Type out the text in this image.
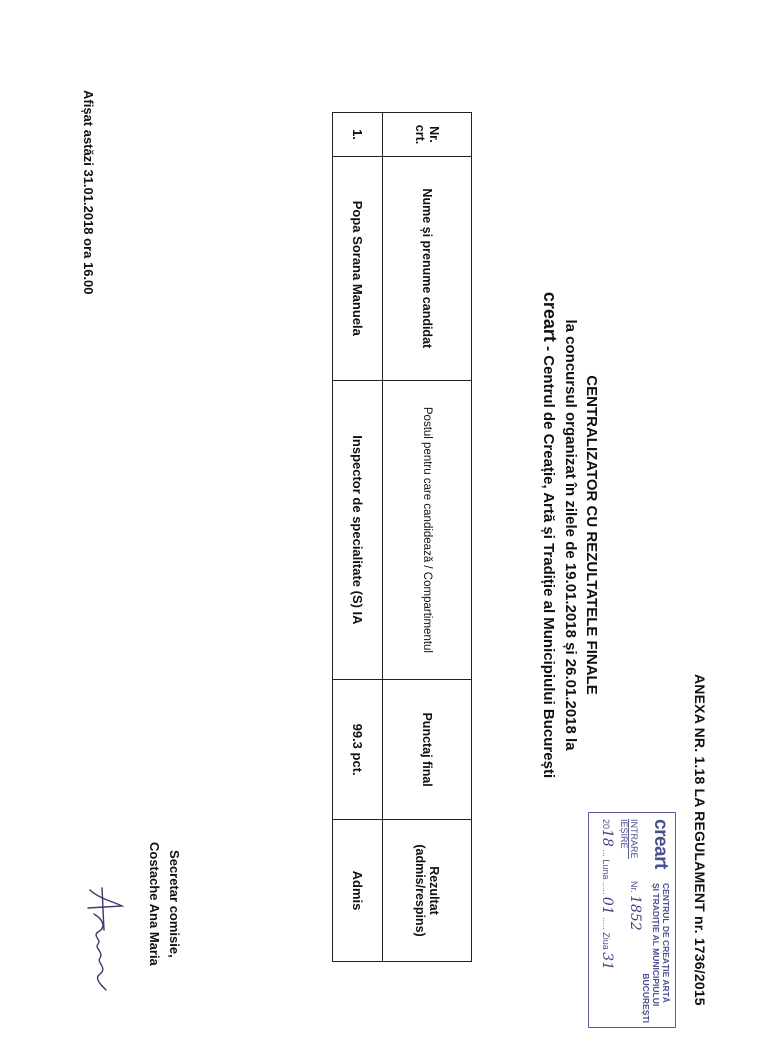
ANEXA NR. 1.18 LA REGULAMENT nr. 1736/2015
creart
CENTRUL DE CREAȚIE ARTĂ
ȘI TRADIȚIE AL MUNICIPIULUI
BUCUREȘTI
INTRARE         Nr. 1852
IEȘIRE
2018 ... Luna ..... 01 ..... Ziua 31
CENTRALIZATOR CU REZULTATELE FINALE
la concursul organizat în zilele de 19.01.2018 și 26.01.2018 la
creart - Centrul de Creație, Artă și Tradiție al Municipiului București
Nr. crt.	Nume și prenume candidat	Postul pentru care candidează / Compartimentul	Punctaj final	Rezultat (admis/respins)
1.	Popa Sorana Manuela	Inspector de specialitate (S) IA	99.3 pct.	Admis
Afișat astăzi 31.01.2018 ora 16.00
Secretar comisie,
Costache Ana Maria
